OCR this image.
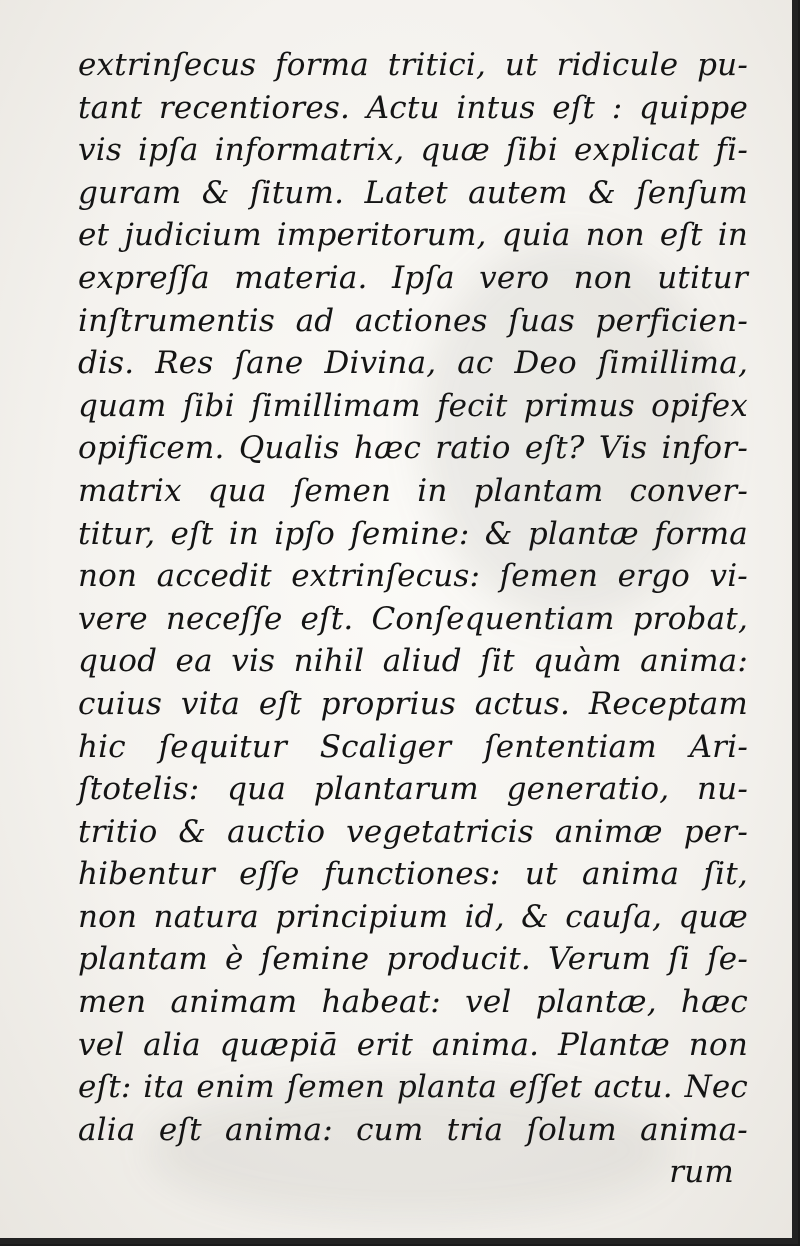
extrinſecus forma tritici, ut ridicule pu-
tant recentiores. Actu intus eſt : quippe
vis ipſa informatrix, quæ ſibi explicat fi-
guram & ſitum. Latet autem & ſenſum
et judicium imperitorum, quia non eſt in
expreſſa materia. Ipſa vero non utitur
inſtrumentis ad actiones ſuas perficien-
dis. Res ſane Divina, ac Deo ſimillima,
quam ſibi ſimillimam fecit primus opifex
opificem. Qualis hæc ratio eſt? Vis infor-
matrix qua ſemen in plantam conver-
titur, eſt in ipſo ſemine: & plantæ forma
non accedit extrinſecus: ſemen ergo vi-
vere neceſſe eſt. Conſequentiam probat,
quod ea vis nihil aliud ſit quàm anima:
cuius vita eſt proprius actus. Receptam
hic ſequitur Scaliger ſententiam Ari-
ſtotelis: qua plantarum generatio, nu-
tritio & auctio vegetatricis animæ per-
hibentur eſſe functiones: ut anima ſit,
non natura principium id, & cauſa, quæ
plantam è ſemine producit. Verum ſi ſe-
men animam habeat: vel plantæ, hæc
vel alia quæpiā erit anima. Plantæ non
eſt: ita enim ſemen planta eſſet actu. Nec
alia eſt anima: cum tria ſolum anima-
rum
